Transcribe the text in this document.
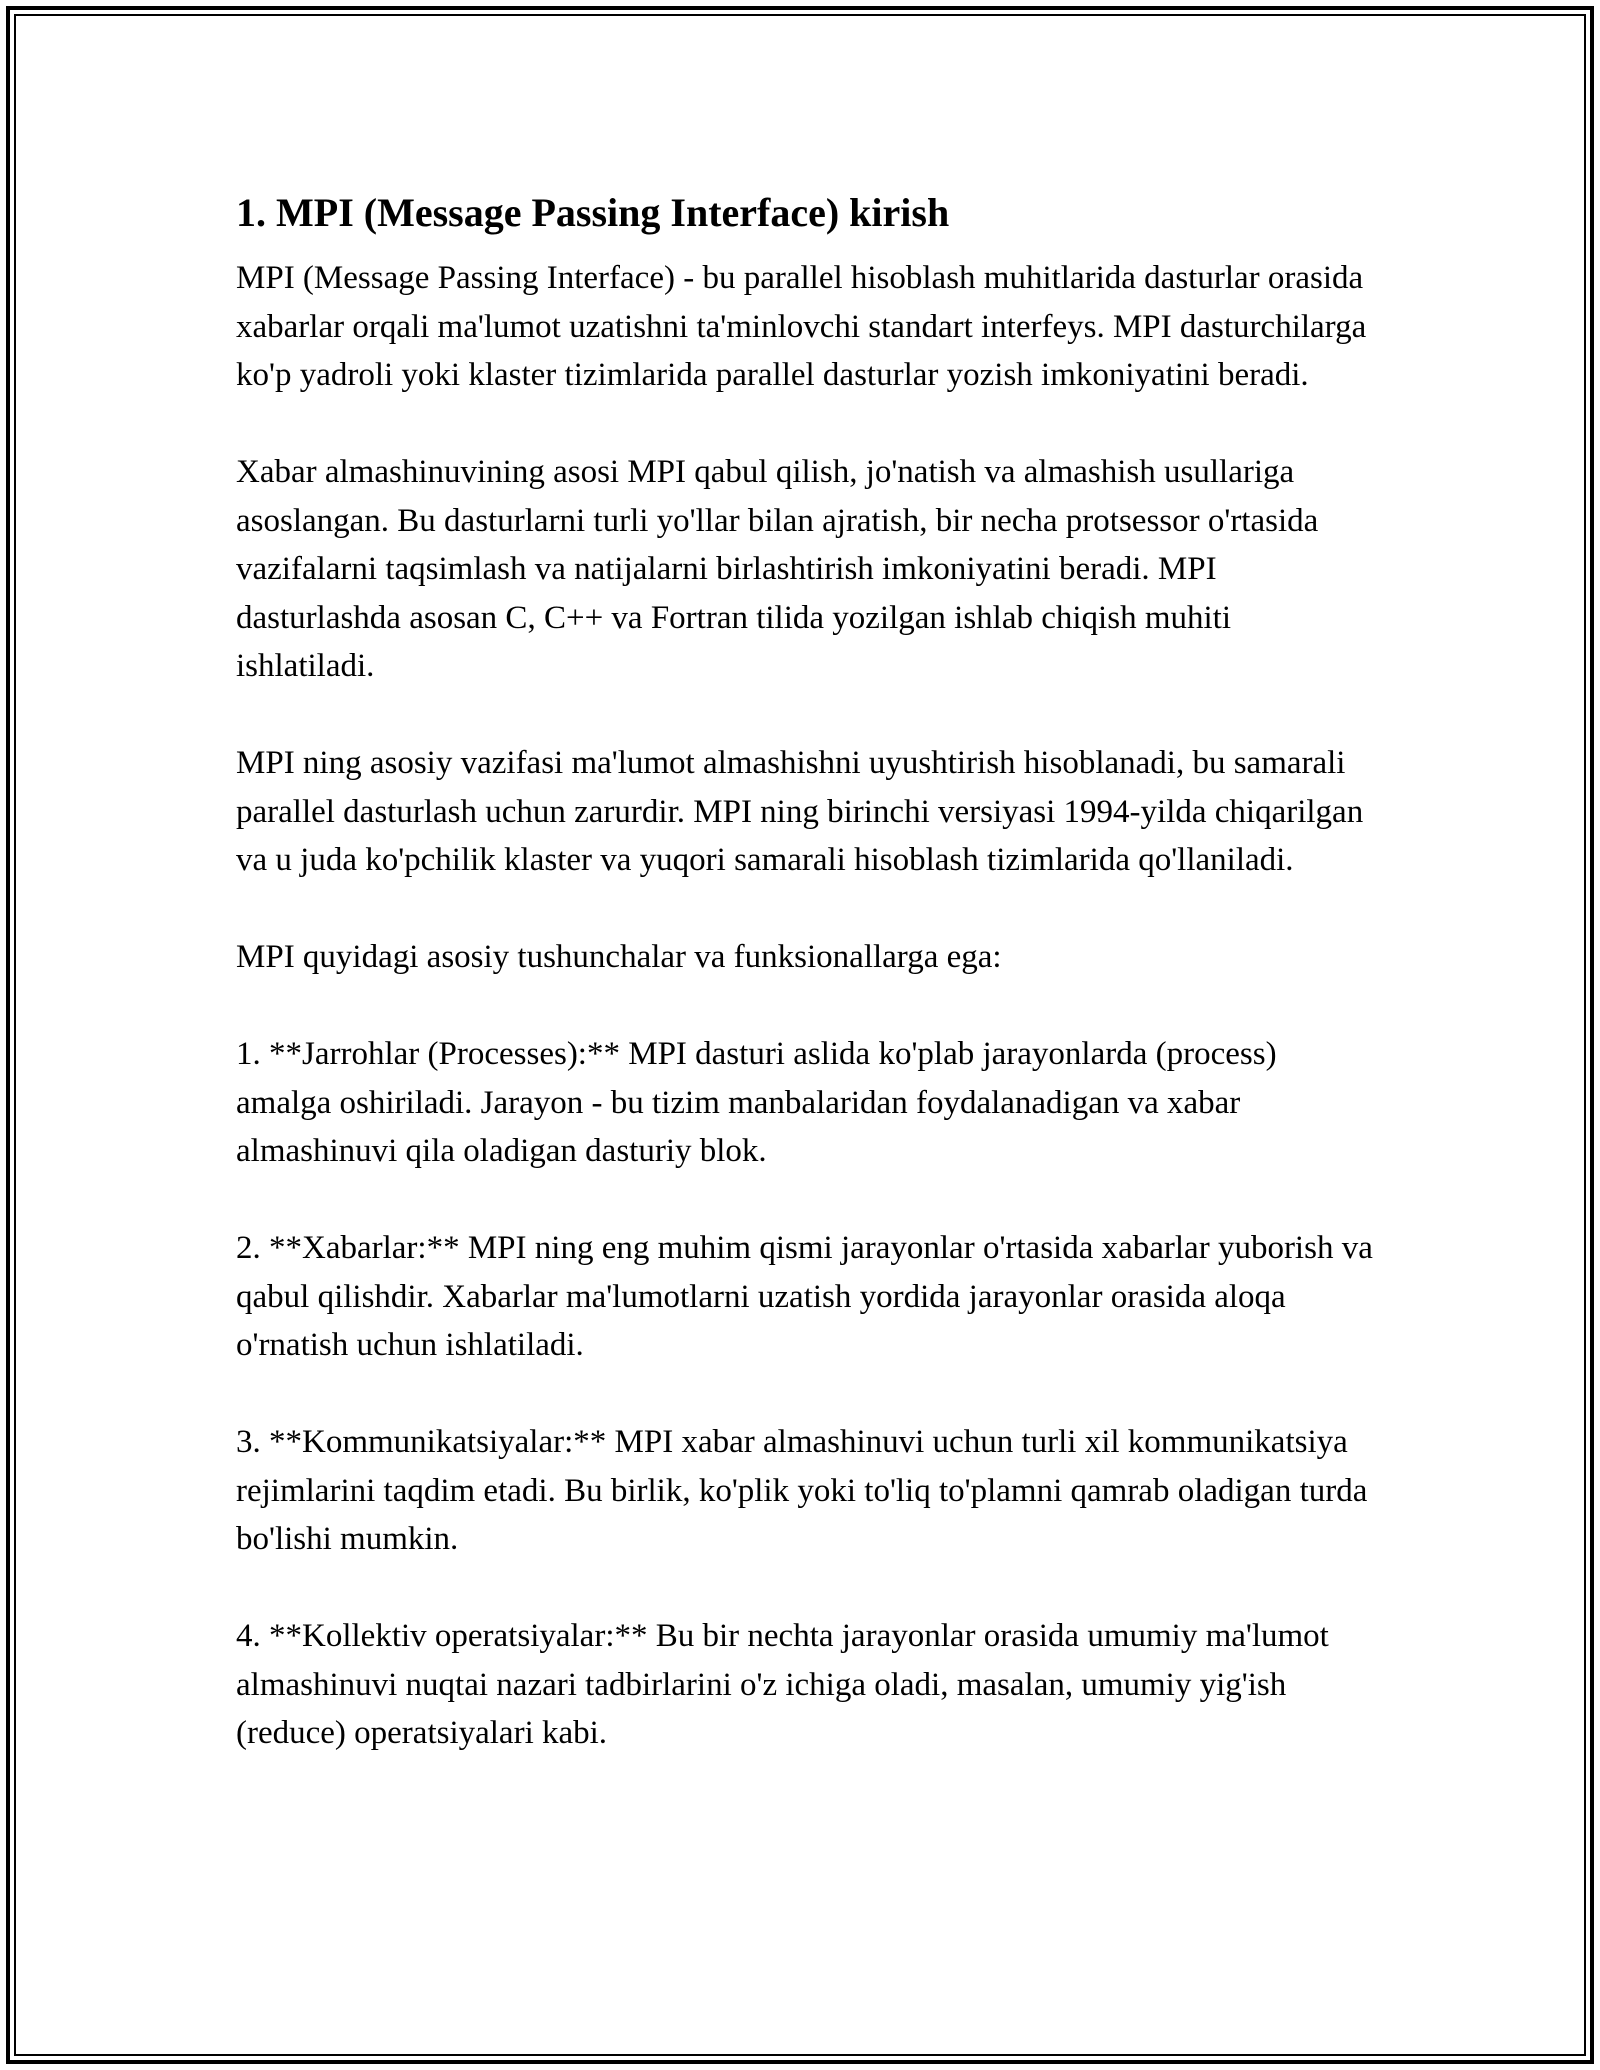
1. MPI (Message Passing Interface) kirish

MPI (Message Passing Interface) - bu parallel hisoblash muhitlarida dasturlar orasida xabarlar orqali ma'lumot uzatishni ta'minlovchi standart interfeys. MPI dasturchilarga ko'p yadroli yoki klaster tizimlarida parallel dasturlar yozish imkoniyatini beradi.

Xabar almashinuvining asosi MPI qabul qilish, jo'natish va almashish usullariga asoslangan. Bu dasturlarni turli yo'llar bilan ajratish, bir necha protsessor o'rtasida vazifalarni taqsimlash va natijalarni birlashtirish imkoniyatini beradi. MPI dasturlashda asosan C, C++ va Fortran tilida yozilgan ishlab chiqish muhiti ishlatiladi.

MPI ning asosiy vazifasi ma'lumot almashishni uyushtirish hisoblanadi, bu samarali parallel dasturlash uchun zarurdir. MPI ning birinchi versiyasi 1994-yilda chiqarilgan va u juda ko'pchilik klaster va yuqori samarali hisoblash tizimlarida qo'llaniladi.

MPI quyidagi asosiy tushunchalar va funksionallarga ega:

1. **Jarrohlar (Processes):** MPI dasturi aslida ko'plab jarayonlarda (process) amalga oshiriladi. Jarayon - bu tizim manbalaridan foydalanadigan va xabar almashinuvi qila oladigan dasturiy blok.

2. **Xabarlar:** MPI ning eng muhim qismi jarayonlar o'rtasida xabarlar yuborish va qabul qilishdir. Xabarlar ma'lumotlarni uzatish yordida jarayonlar orasida aloqa o'rnatish uchun ishlatiladi.

3. **Kommunikatsiyalar:** MPI xabar almashinuvi uchun turli xil kommunikatsiya rejimlarini taqdim etadi. Bu birlik, ko'plik yoki to'liq to'plamni qamrab oladigan turda bo'lishi mumkin.

4. **Kollektiv operatsiyalar:** Bu bir nechta jarayonlar orasida umumiy ma'lumot almashinuvi nuqtai nazari tadbirlarini o'z ichiga oladi, masalan, umumiy yig'ish (reduce) operatsiyalari kabi.
